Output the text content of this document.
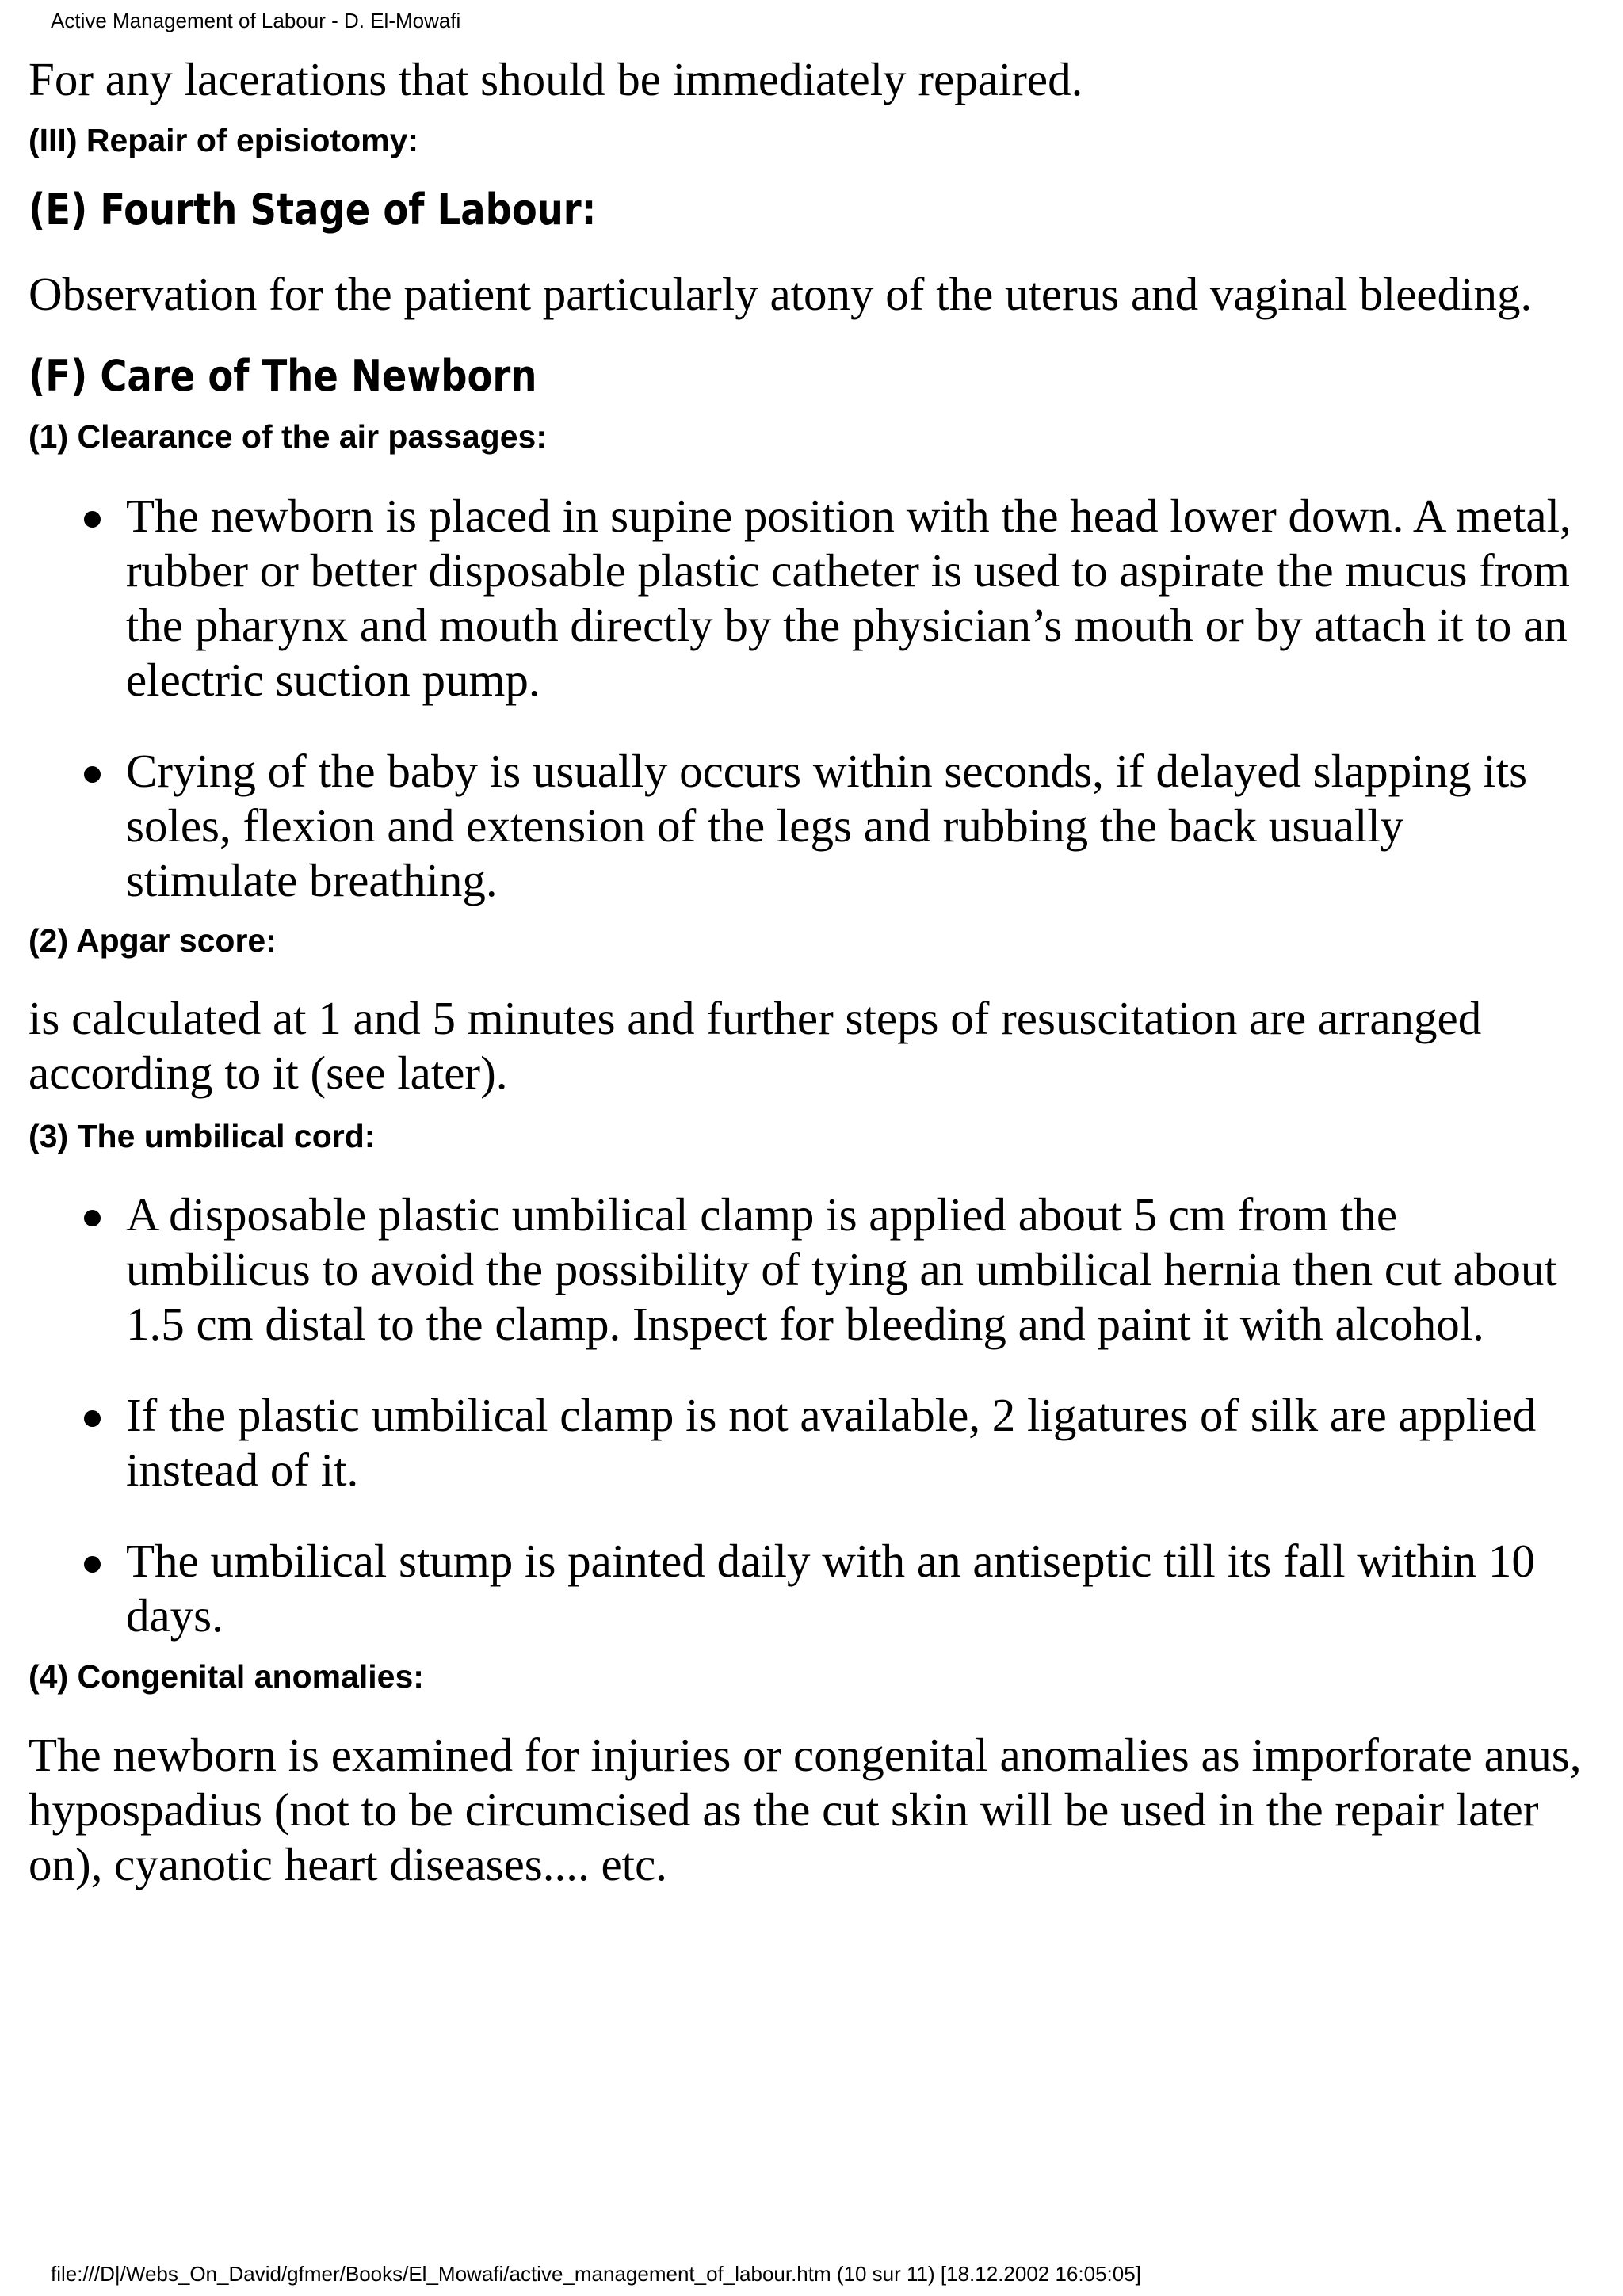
Active Management of Labour - D. El-Mowafi

For any lacerations that should be immediately repaired.

(III) Repair of episiotomy:

(E) Fourth Stage of Labour:

Observation for the patient particularly atony of the uterus and vaginal bleeding.

(F) Care of The Newborn

(1) Clearance of the air passages:

The newborn is placed in supine position with the head lower down. A metal, rubber or better disposable plastic catheter is used to aspirate the mucus from the pharynx and mouth directly by the physician’s mouth or by attach it to an electric suction pump.
Crying of the baby is usually occurs within seconds, if delayed slapping its soles, flexion and extension of the legs and rubbing the back usually stimulate breathing.

(2) Apgar score:

is calculated at 1 and 5 minutes and further steps of resuscitation are arranged according to it (see later).

(3) The umbilical cord:

A disposable plastic umbilical clamp is applied about 5 cm from the umbilicus to avoid the possibility of tying an umbilical hernia then cut about 1.5 cm distal to the clamp. Inspect for bleeding and paint it with alcohol.
If the plastic umbilical clamp is not available, 2 ligatures of silk are applied instead of it.
The umbilical stump is painted daily with an antiseptic till its fall within 10 days.

(4) Congenital anomalies:

The newborn is examined for injuries or congenital anomalies as imporforate anus, hypospadius (not to be circumcised as the cut skin will be used in the repair later on), cyanotic heart diseases.... etc.

file:///D|/Webs_On_David/gfmer/Books/El_Mowafi/active_management_of_labour.htm (10 sur 11) [18.12.2002 16:05:05]
